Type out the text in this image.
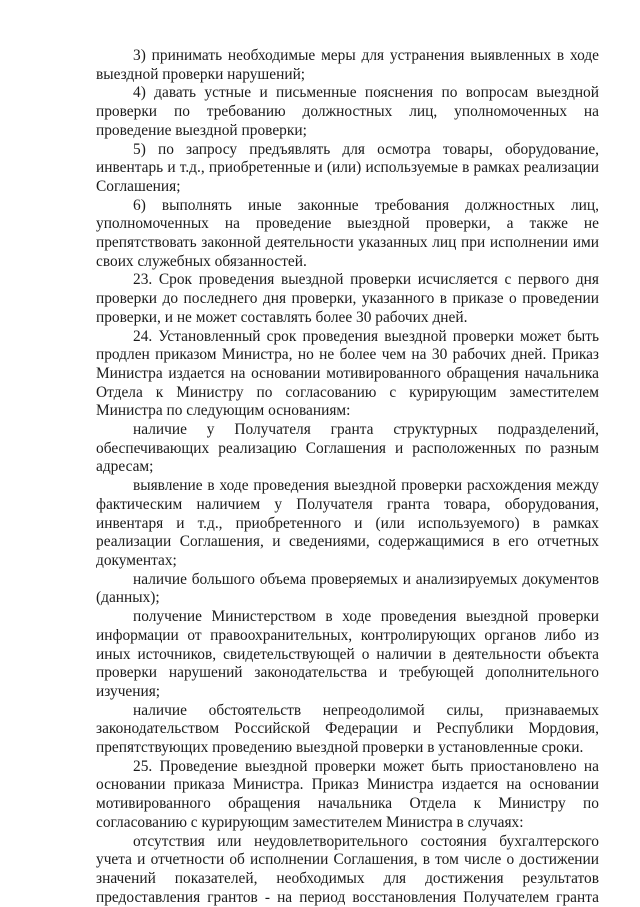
3) принимать необходимые меры для устранения выявленных в ходе выездной проверки нарушений;

4) давать устные и письменные пояснения по вопросам выездной проверки по требованию должностных лиц, уполномоченных на проведение выездной проверки;

5) по запросу предъявлять для осмотра товары, оборудование, инвентарь и т.д., приобретенные и (или) используемые в рамках реализации Соглашения;

6) выполнять иные законные требования должностных лиц, уполномоченных на проведение выездной проверки, а также не препятствовать законной деятельности указанных лиц при исполнении ими своих служебных обязанностей.

23. Срок проведения выездной проверки исчисляется с первого дня проверки до последнего дня проверки, указанного в приказе о проведении проверки, и не может составлять более 30 рабочих дней.

24. Установленный срок проведения выездной проверки может быть продлен приказом Министра, но не более чем на 30 рабочих дней. Приказ Министра издается на основании мотивированного обращения начальника Отдела к Министру по согласованию с курирующим заместителем Министра по следующим основаниям:

наличие у Получателя гранта структурных подразделений, обеспечивающих реализацию Соглашения и расположенных по разным адресам;

выявление в ходе проведения выездной проверки расхождения между фактическим наличием у Получателя гранта товара, оборудования, инвентаря и т.д., приобретенного и (или используемого) в рамках реализации Соглашения, и сведениями, содержащимися в его отчетных документах;

наличие большого объема проверяемых и анализируемых документов (данных);

получение Министерством в ходе проведения выездной проверки информации от правоохранительных, контролирующих органов либо из иных источников, свидетельствующей о наличии в деятельности объекта проверки нарушений законодательства и требующей дополнительного изучения;

наличие обстоятельств непреодолимой силы, признаваемых законодательством Российской Федерации и Республики Мордовия, препятствующих проведению выездной проверки в установленные сроки.

25. Проведение выездной проверки может быть приостановлено на основании приказа Министра. Приказ Министра издается на основании мотивированного обращения начальника Отдела к Министру по согласованию с курирующим заместителем Министра в случаях:

отсутствия или неудовлетворительного состояния бухгалтерского учета и отчетности об исполнении Соглашения, в том числе о достижении значений показателей, необходимых для достижения результатов предоставления грантов - на период восстановления Получателем гранта
